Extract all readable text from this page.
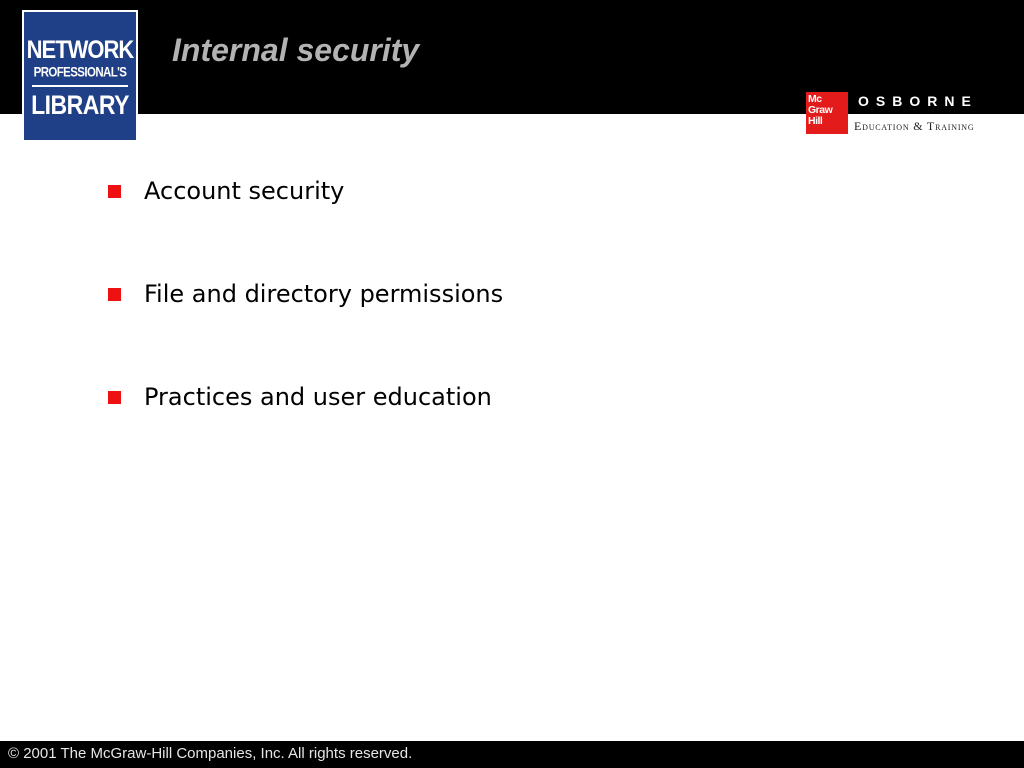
NETWORK
PROFESSIONAL'S
LIBRARY
Internal security
Mc
Graw
Hill
OSBORNE
Education & Training
Account security
File and directory permissions
Practices and user education
© 2001 The McGraw-Hill Companies, Inc. All rights reserved.
